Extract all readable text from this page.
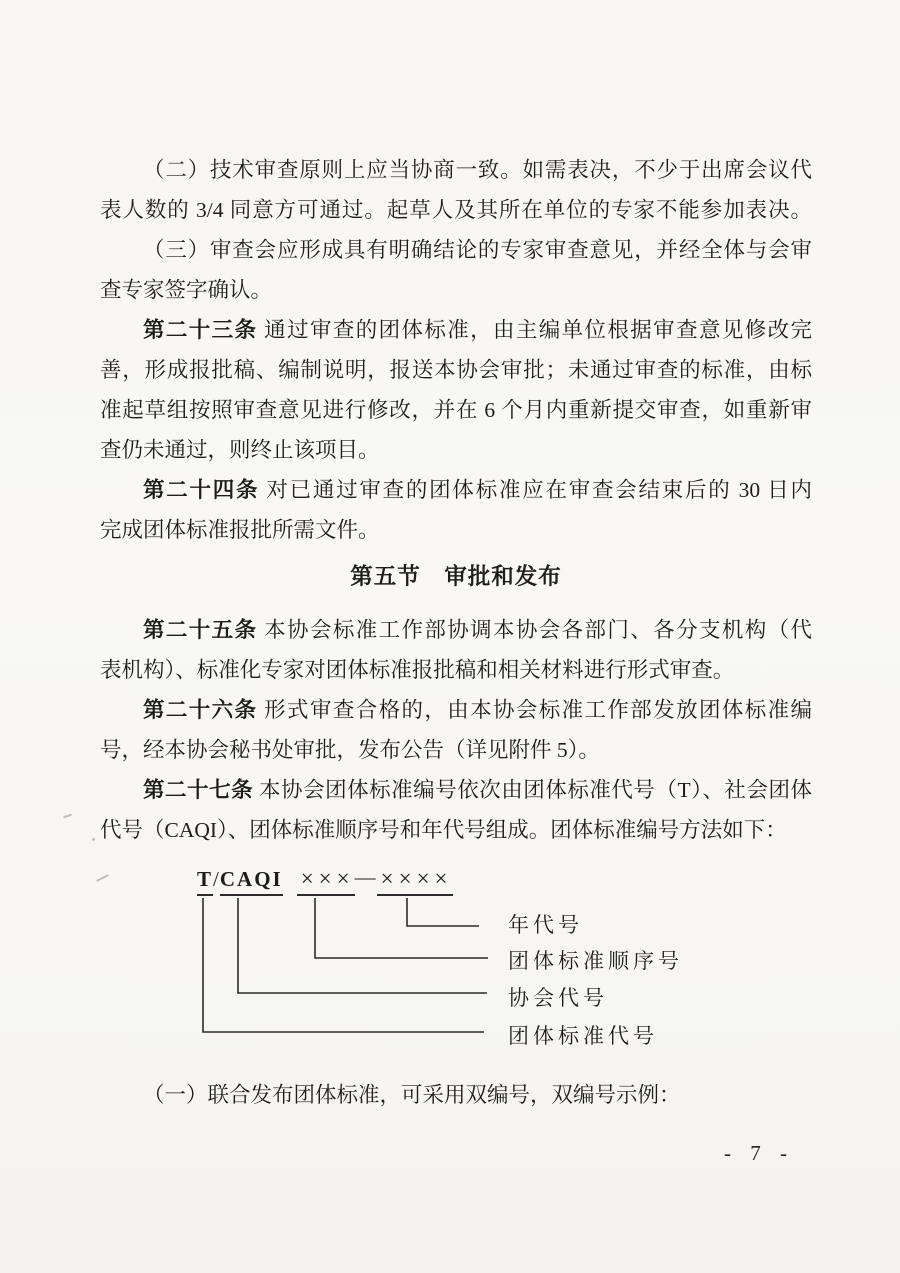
（二）技术审查原则上应当协商一致。如需表决，不少于出席会议代
表人数的 3/4 同意方可通过。起草人及其所在单位的专家不能参加表决。
（三）审查会应形成具有明确结论的专家审查意见，并经全体与会审
查专家签字确认。
第二十三条 通过审查的团体标准，由主编单位根据审查意见修改完
善，形成报批稿、编制说明，报送本协会审批；未通过审查的标准，由标
准起草组按照审查意见进行修改，并在 6 个月内重新提交审查，如重新审
查仍未通过，则终止该项目。
第二十四条 对已通过审查的团体标准应在审查会结束后的 30 日内
完成团体标准报批所需文件。
第五节　审批和发布
第二十五条 本协会标准工作部协调本协会各部门、各分支机构（代
表机构）、标准化专家对团体标准报批稿和相关材料进行形式审查。
第二十六条 形式审查合格的，由本协会标准工作部发放团体标准编
号，经本协会秘书处审批，发布公告（详见附件 5）。
第二十七条 本协会团体标准编号依次由团体标准代号（T）、社会团体
代号（CAQI）、团体标准顺序号和年代号组成。团体标准编号方法如下：
T/CAQI ×××— ××××
年代号
团体标准顺序号
协会代号
团体标准代号
（一）联合发布团体标准，可采用双编号，双编号示例：
- 7 -
